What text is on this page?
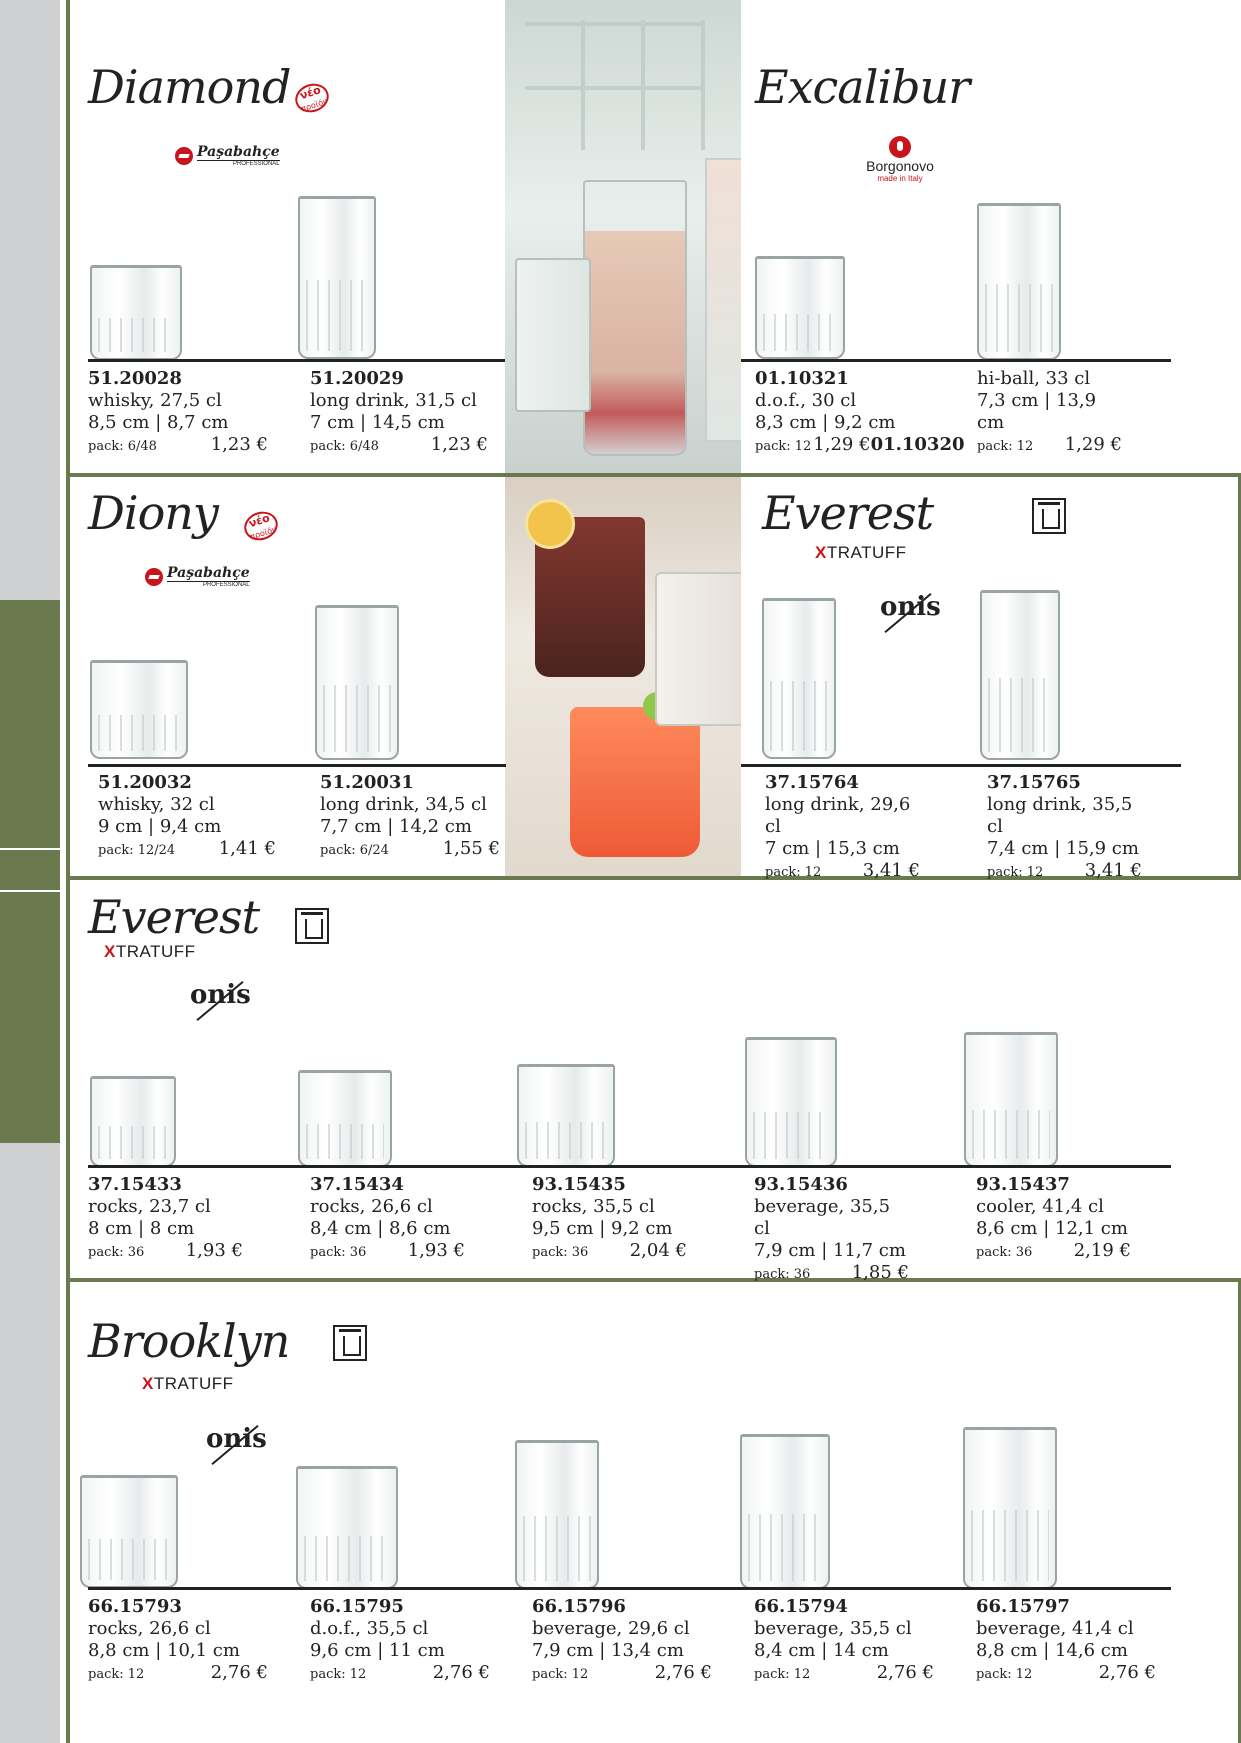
Diamond νέο
προϊόν
Paşabahçe
PROFESSIONAL
51.20028
whisky, 27,5 cl
8,5 cm | 8,7 cm
pack: 6/48	1,23 €
51.20029
long drink, 31,5 cl
7 cm | 14,5 cm
pack: 6/48	1,23 €
Excalibur
Borgonovo
made in Italy
01.10321
d.o.f., 30 cl
8,3 cm | 9,2 cm
pack: 12 1,29 €01.10320
hi-ball, 33 cl
7,3 cm | 13,9 cm
pack: 12 1,29 €
Diony	νέο
προϊόν
Paşabahçe
PROFESSIONAL
51.20032
whisky, 32 cl
9 cm | 9,4 cm
pack: 12/24 1,41 €
51.20031
long drink, 34,5 cl
7,7 cm | 14,2 cm
pack: 6/24	1,55 €
Everest
XTRATUFF
onis
37.15764
long drink, 29,6 cl
7 cm | 15,3 cm
pack: 12 3,41 €
37.15765
long drink, 35,5 cl
7,4 cm | 15,9 cm
pack: 12 3,41 €
Everest
XTRATUFF
onis
37.15433
rocks, 23,7 cl
8 cm | 8 cm
pack: 36 1,93 €
37.15434
rocks, 26,6 cl
8,4 cm | 8,6 cm
pack: 36 1,93 €
93.15435
rocks, 35,5 cl
9,5 cm | 9,2 cm
pack: 36 2,04 €
93.15436
beverage, 35,5 cl
7,9 cm | 11,7 cm
pack: 36 1,85 €
93.15437
cooler, 41,4 cl
8,6 cm | 12,1 cm
pack: 36 2,19 €
Brooklyn
XTRATUFF
onis
66.15793
rocks, 26,6 cl
8,8 cm | 10,1 cm
pack: 12	2,76 €
66.15795
d.o.f., 35,5 cl
9,6 cm | 11 cm
pack: 12	2,76 €
66.15796
beverage, 29,6 cl
7,9 cm | 13,4 cm
pack: 12	2,76 €
66.15794
beverage, 35,5 cl
8,4 cm | 14 cm
pack: 12	2,76 €
66.15797
beverage, 41,4 cl
8,8 cm | 14,6 cm
pack: 12	2,76 €
